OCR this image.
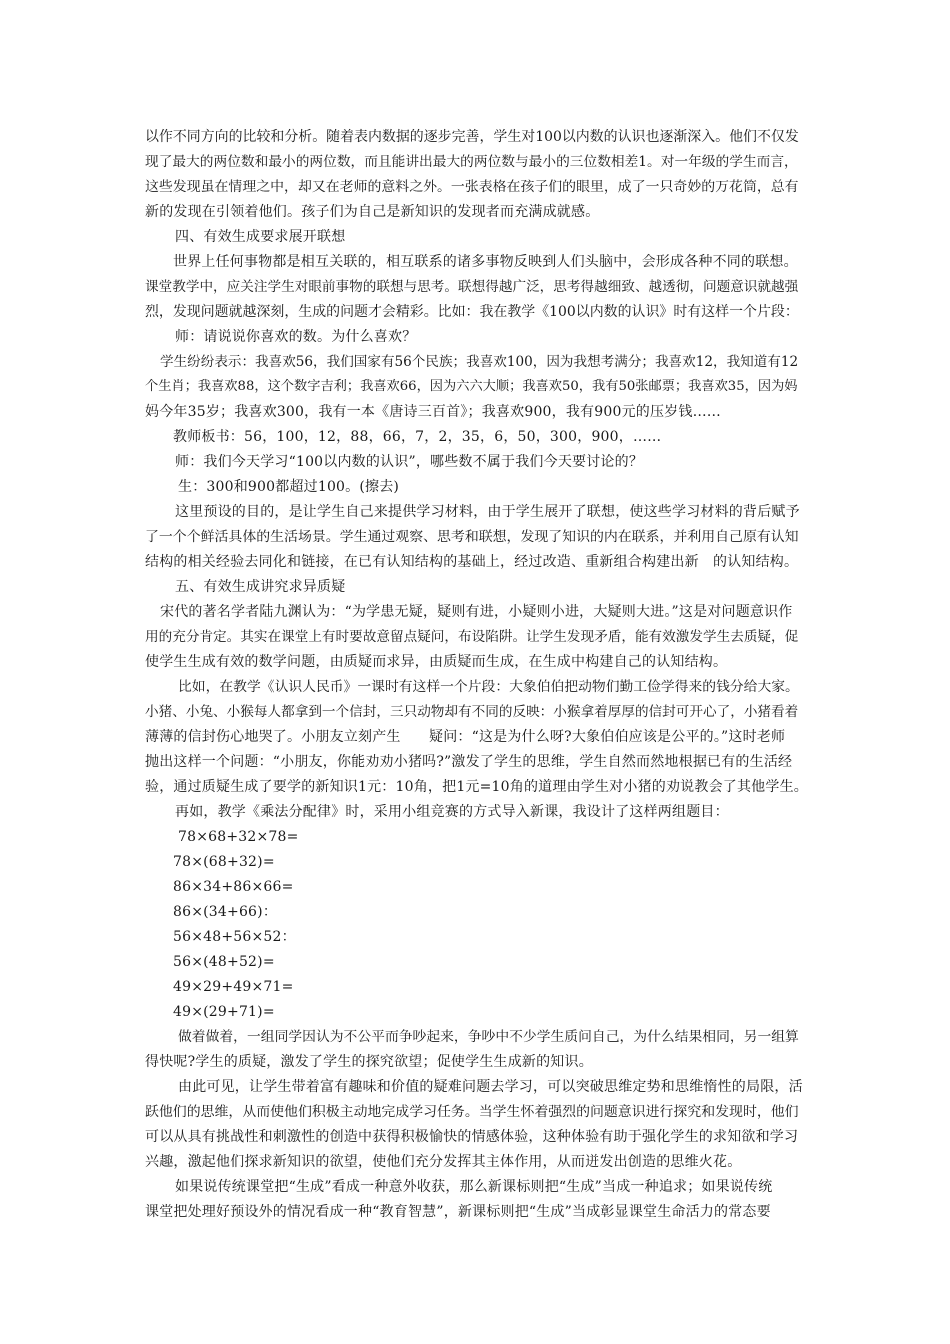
以作不同方向的比较和分析。随着表内数据的逐步完善，学生对100以内数的认识也逐渐深入。他们不仅发
现了最大的两位数和最小的两位数，而且能讲出最大的两位数与最小的三位数相差1。对一年级的学生而言，
这些发现虽在情理之中，却又在老师的意料之外。一张表格在孩子们的眼里，成了一只奇妙的万花筒，总有
新的发现在引领着他们。孩子们为自己是新知识的发现者而充满成就感。
四、有效生成要求展开联想
世界上任何事物都是相互关联的，相互联系的诸多事物反映到人们头脑中，会形成各种不同的联想。
课堂教学中，应关注学生对眼前事物的联想与思考。联想得越广泛，思考得越细致、越透彻，问题意识就越强
烈，发现问题就越深刻，生成的问题才会精彩。比如：我在教学《100以内数的认识》时有这样一个片段：
师：请说说你喜欢的数。为什么喜欢？
学生纷纷表示：我喜欢56，我们国家有56个民族；我喜欢100，因为我想考满分；我喜欢12，我知道有12
个生肖；我喜欢88，这个数字吉利；我喜欢66，因为六六大顺；我喜欢50，我有50张邮票；我喜欢35，因为妈
妈今年35岁；我喜欢300，我有一本《唐诗三百首》；我喜欢900，我有900元的压岁钱……
教师板书：56，100，12，88，66，7，2，35，6，50，300，900，……
师：我们今天学习“100以内数的认识”，哪些数不属于我们今天要讨论的？
生：300和900都超过100。(擦去)
这里预设的目的，是让学生自己来提供学习材料，由于学生展开了联想，使这些学习材料的背后赋予
了一个个鲜活具体的生活场景。学生通过观察、思考和联想，发现了知识的内在联系，并利用自己原有认知
结构的相关经验去同化和链接，在已有认知结构的基础上，经过改造、重新组合构建出新　的认知结构。
五、有效生成讲究求异质疑
宋代的著名学者陆九渊认为：“为学患无疑，疑则有进，小疑则小进，大疑则大进。”这是对问题意识作
用的充分肯定。其实在课堂上有时要故意留点疑问，布设陷阱。让学生发现矛盾，能有效激发学生去质疑，促
使学生生成有效的数学问题，由质疑而求异，由质疑而生成，在生成中构建自己的认知结构。
比如，在教学《认识人民币》一课时有这样一个片段：大象伯伯把动物们勤工俭学得来的钱分给大家。
小猪、小兔、小猴每人都拿到一个信封，三只动物却有不同的反映：小猴拿着厚厚的信封可开心了，小猪看着
薄薄的信封伤心地哭了。小朋友立刻产生　　疑问：“这是为什么呀?大象伯伯应该是公平的。”这时老师
抛出这样一个问题：“小朋友，你能劝劝小猪吗?”激发了学生的思维，学生自然而然地根据已有的生活经
验，通过质疑生成了要学的新知识1元：10角，把1元=10角的道理由学生对小猪的劝说教会了其他学生。
再如，教学《乘法分配律》时，采用小组竞赛的方式导入新课，我设计了这样两组题目：
78×68+32×78=
78×(68+32)=
86×34+86×66=
86×(34+66)：
56×48+56×52：
56×(48+52)=
49×29+49×71=
49×(29+71)=
做着做着，一组同学因认为不公平而争吵起来，争吵中不少学生质问自己，为什么结果相同，另一组算
得快呢?学生的质疑，激发了学生的探究欲望；促使学生生成新的知识。
由此可见，让学生带着富有趣味和价值的疑难问题去学习，可以突破思维定势和思维惰性的局限，活
跃他们的思维，从而使他们积极主动地完成学习任务。当学生怀着强烈的问题意识进行探究和发现时，他们
可以从具有挑战性和刺激性的创造中获得积极愉快的情感体验，这种体验有助于强化学生的求知欲和学习
兴趣，激起他们探求新知识的欲望，使他们充分发挥其主体作用，从而迸发出创造的思维火花。
如果说传统课堂把“生成”看成一种意外收获，那么新课标则把“生成”当成一种追求；如果说传统
课堂把处理好预设外的情况看成一种“教育智慧”，新课标则把“生成”当成彰显课堂生命活力的常态要
